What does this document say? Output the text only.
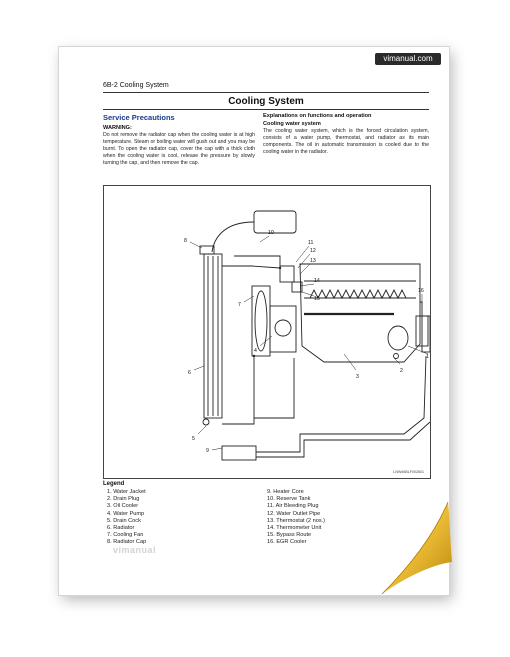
vimanual.com
6B-2 Cooling System
Cooling System

Service Precautions

WARNING:

Do not remove the radiator cap when the cooling water is at high temperature. Steam or boiling water will gush out and you may be burnt. To open the radiator cap, cover the cap with a thick cloth when the cooling water is cool, release the pressure by slowly turning the cap, and then remove the cap.

Explanations on functions and operation

Cooling water system

The cooling water system, which is the forced circulation system, consists of a water pump, thermostat, and radiator as its main components. The oil in automatic transmission is cooled due to the cooling water in the radiator.

1
2
3
4
5
6
7
8
9
10
11
12
13
14
15
16
LNW46BLF002601
Legend
1. Water Jacket
2. Drain Plug
3. Oil Cooler
4. Water Pump
5. Drain Cock
6. Radiator
7. Cooling Fan
8. Radiator Cap
9. Heater Core
10. Reserve Tank
11. Air Bleeding Plug
12. Water Outlet Pipe
13. Thermostat (2 nos.)
14. Thermometer Unit
15. Bypass Route
16. EGR Cooler
vimanual
